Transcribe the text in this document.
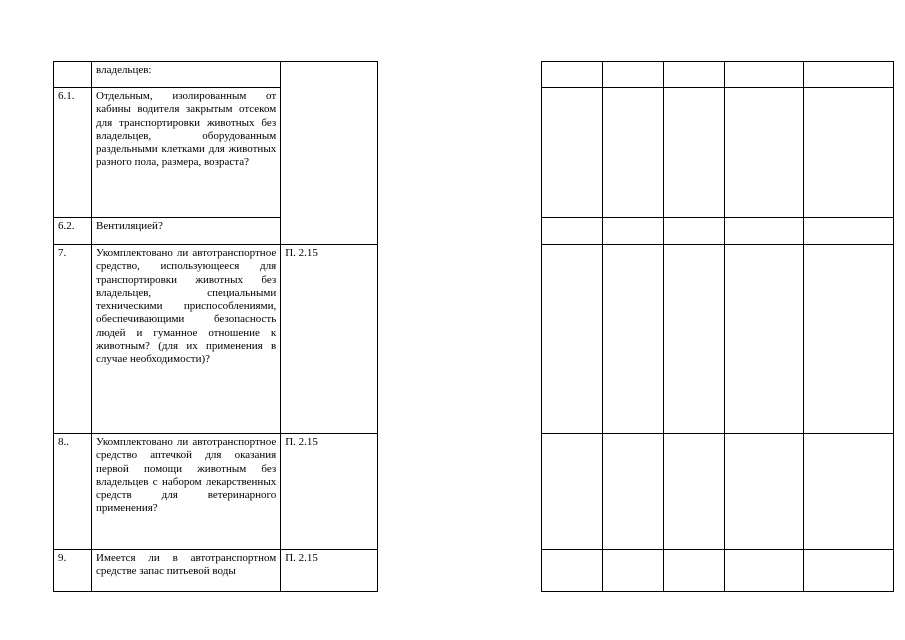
	владельцев:	
6.1.	Отдельным, изолированным от кабины водителя закрытым отсеком для транспортировки животных без владельцев, оборудованным раздельными клетками для животных разного пола, размера, возраста?	
6.2.	Вентиляцией?	
7.	Укомплектовано ли автотранспортное средство, использующееся для транспортировки животных без владельцев, специальными техническими приспособлениями, обеспечивающими безопасность людей и гуманное отношение к животным? (для их применения в случае необходимости)?	П. 2.15
8..	Укомплектовано ли автотранспортное средство аптечкой для оказания первой помощи животным без владельцев с набором лекарственных средств для ветеринарного применения?	П. 2.15
9.	Имеется ли в автотранспортном средстве запас питьевой воды	П. 2.15
